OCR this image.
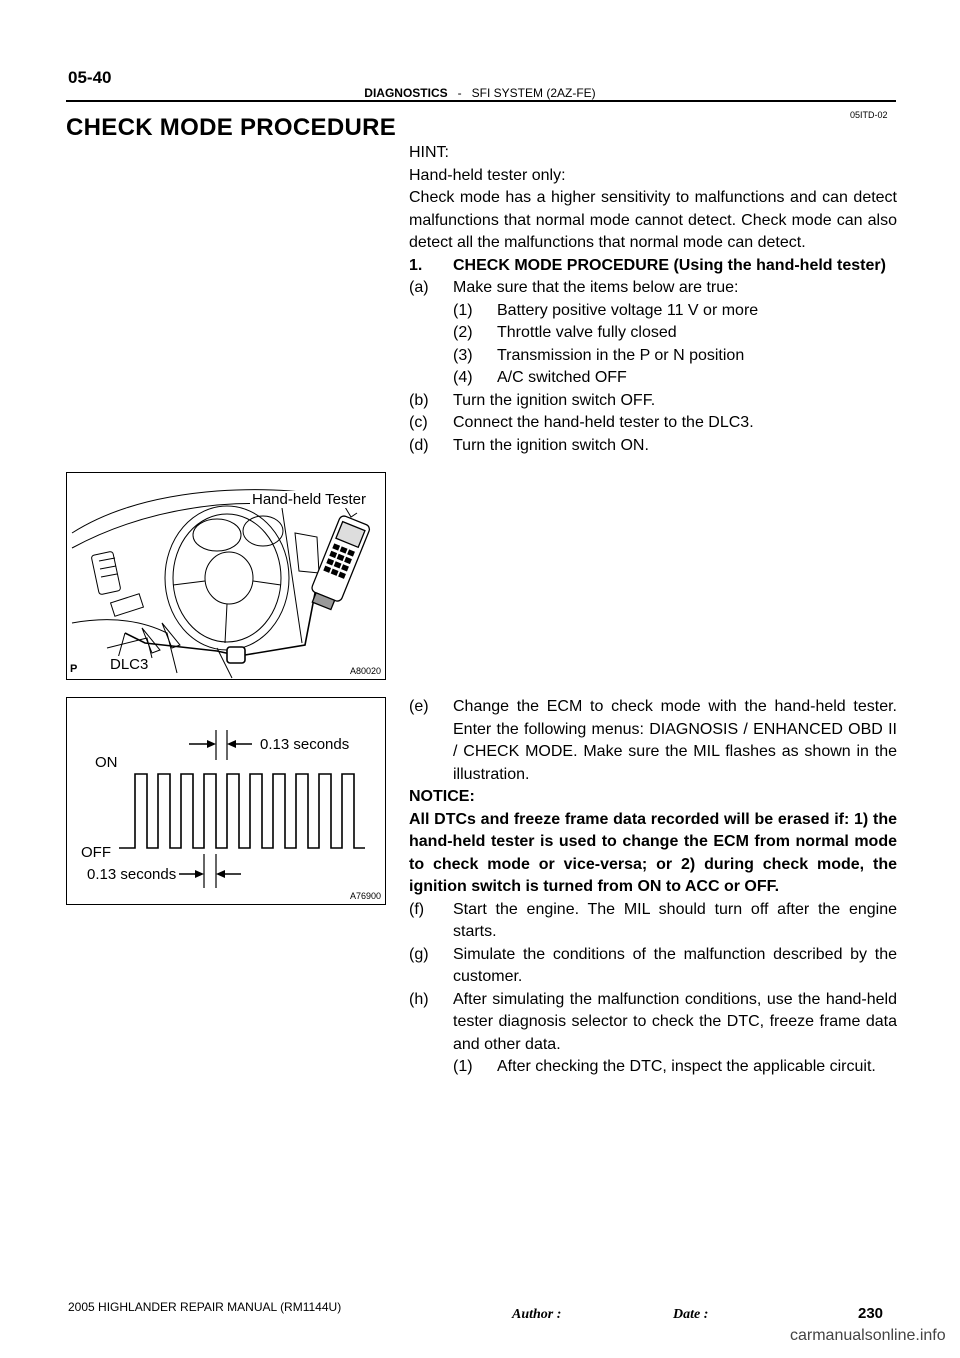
05-40
DIAGNOSTICS - SFI SYSTEM (2AZ-FE)
05ITD-02
CHECK MODE PROCEDURE

HINT:

Hand-held tester only:

Check mode has a higher sensitivity to malfunctions and can detect malfunctions that normal mode cannot detect. Check mode can also detect all the malfunctions that normal mode can detect.

1. CHECK MODE PROCEDURE (Using the hand-held tester)
(a) Make sure that the items below are true:
(1) Battery positive voltage 11 V or more
(2) Throttle valve fully closed
(3) Transmission in the P or N position
(4) A/C switched OFF
(b) Turn the ignition switch OFF.
(c) Connect the hand-held tester to the DLC3.
(d) Turn the ignition switch ON.
(e) Change the ECM to check mode with the hand-held tester. Enter the following menus: DIAGNOSIS / ENHANCED OBD II / CHECK MODE. Make sure the MIL flashes as shown in the illustration.

NOTICE:

All DTCs and freeze frame data recorded will be erased if: 1) the hand-held tester is used to change the ECM from normal mode to check mode or vice-versa; or 2) during check mode, the ignition switch is turned from ON to ACC or OFF.

(f) Start the engine. The MIL should turn off after the engine starts.
(g) Simulate the conditions of the malfunction described by the customer.
(h) After simulating the malfunction conditions, use the hand-held tester diagnosis selector to check the DTC, freeze frame data and other data.
(1) After checking the DTC, inspect the applicable circuit.
Hand-held Tester
DLC3
P	A80020
0.13 seconds
ON
OFF
0.13 seconds
A76900
2005 HIGHLANDER REPAIR MANUAL (RM1144U)	Author :	Date :	230
carmanualsonline.info
